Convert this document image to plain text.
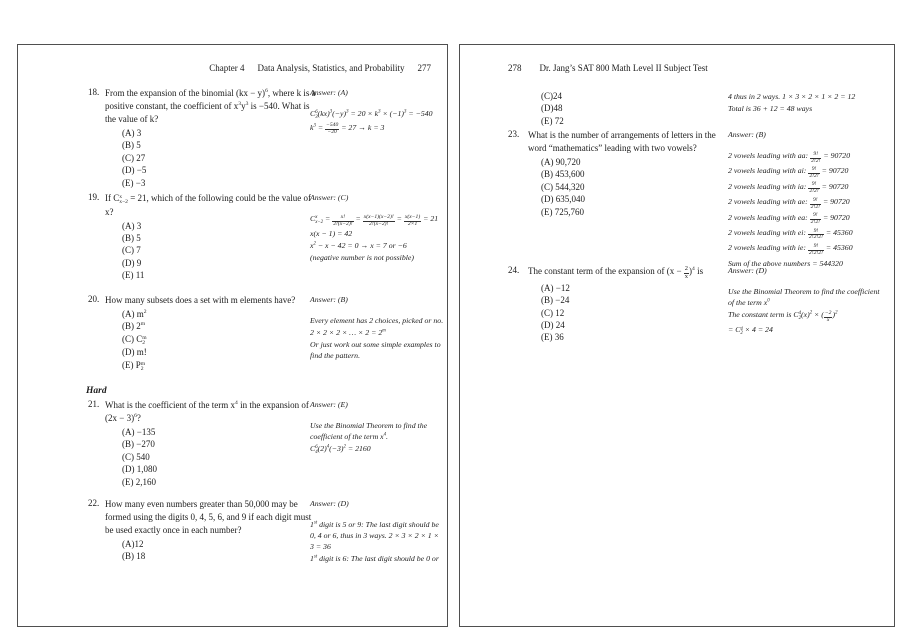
Chapter 4 Data Analysis, Statistics, and Probability 277
18. From the expansion of the binomial (kx − y)$^6$, where k is a positive constant, the coefficient of $x^3y^3$ is −540. What is the value of k?
(A) 3
(B) 5
(C) 27
(D) −5
(E) −3
Answer: (A)
C 6
3 $(kx)^3(-y)^3 = 20 \times k^3 \times (-1)^3 = -540$
$k^3 = \frac{-540}{-20} = 27 \to k = 3$
19. If C x
x−2 = 21, which of the following could be the value of x?
(A) 3
(B) 5
(C) 7
(D) 9
(E) 11
Answer: (C)
C x
$x-2 = \frac{x!}{2!(x-2)!} = \frac{x(x-1)(x-2)!}{2!(x-2)!} = \frac{x(x-1)}{2\times 1} = 21$
x(x − 1) = 42
$x^2 - x - 42 = 0 \to x = 7$ or −6
(negative number is not possible)
20. How many subsets does a set with m elements have?
(A) $m^2$
(B) 2$^m$
(C) C m
2
(D) m!
(E) P m
2
Answer: (B)
Every element has 2 choices, picked or no.
2 × 2 × 2 × … × $2 = 2^m$
Or just work out some simple examples to find the pattern.
Hard
21. What is the coefficient of the term $x^4$ in the expansion of $(2x - 3)^6$?
(A) −135
(B) −270
(C) 540
(D) 1,080
(E) 2,160
Answer: (E)
Use the Binomial Theorem to find the coefficient of the term $x^4$.
C 6
4 $(2)^4(-3)^2 = 2160$
22. How many even numbers greater than 50,000 may be formed using the digits 0, 4, 5, 6, and 9 if each digit must be used exactly once in each number?
(A)12
(B) 18
Answer: (D)
1st digit is 5 or 9: The last digit should be 0, 4 or 6, thus in 3 ways. 2 × 3 × 2 × 1 × 3 = 36
1st digit is 6: The last digit should be 0 or
278 Dr. Jang’s SAT 800 Math Level II Subject Test
(C)24
(D)48
(E) 72
4 thus in 2 ways. 1 × 3 × 2 × 1 × 2 = 12
Total is 36 + 12 = 48 ways
23. What is the number of arrangements of letters in the word “mathematics” leading with two vowels?
(A) 90,720
(B) 453,600
(C) 544,320
(D) 635,040
(E) 725,760
Answer: (B)
2 vowels leading with aa: $\frac{9!}{2!2!} = 90720$
2 vowels leading with ai: $\frac{9!}{2!2!} = 90720$
2 vowels leading with ia: $\frac{9!}{2!2!} = 90720$
2 vowels leading with ae: $\frac{9!}{2!2!} = 90720$
2 vowels leading with ea: $\frac{9!}{2!2!} = 90720$
2 vowels leading with ei: $\frac{9!}{2!2!2!} = 45360$
2 vowels leading with ie: $\frac{9!}{2!2!2!} = 45360$
Sum of the above numbers = 544320
24. The constant term of the expansion of $(x - \frac{2}{x} )^4$ is
(A) −12
(B) −24
(C) 12
(D) 24
(E) 36
Answer: (D)
Use the Binomial Theorem to find the coefficient of the term $x^0$
The constant term is C 4
2 $(x)^2$ × ( $\frac{-2}{x} )^2$
= C 4
2 × 4 = 24
